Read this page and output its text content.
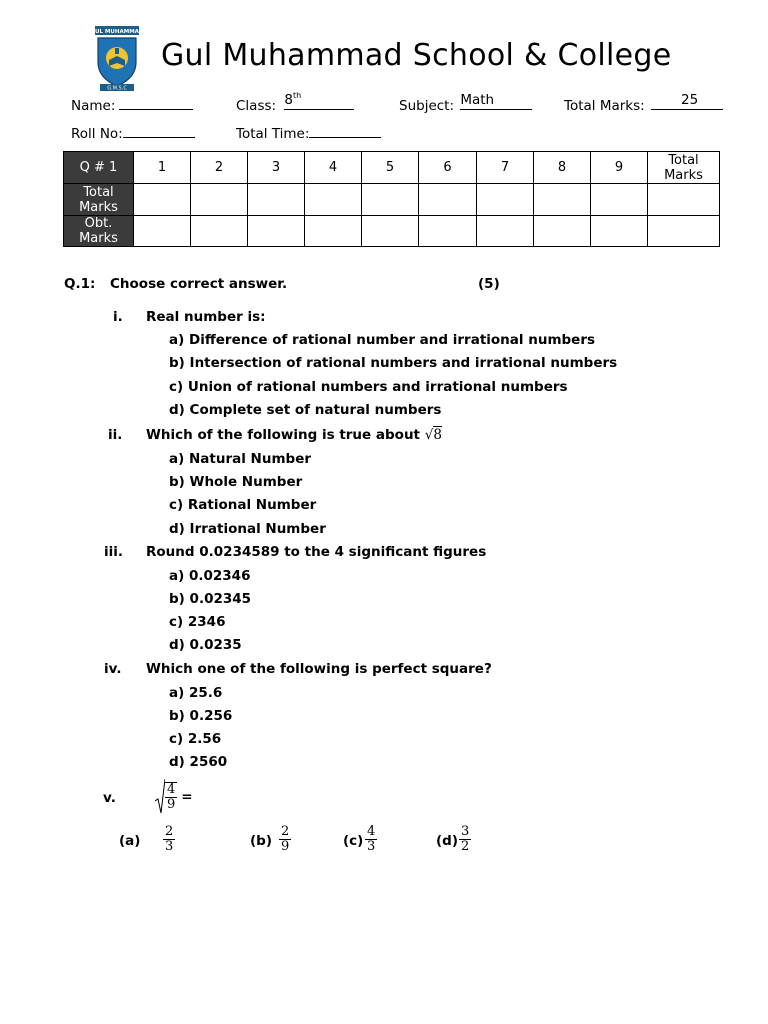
GUL MUHAMMAD
G.M.S.C
Gul Muhammad School & College
Name:	Class: 8th
Subject: Math	Total Marks:	25
Roll No:	Total Time:
Q # 1	1	2	3	4	5	6	7	8	9	Total Marks
Total Marks										
Obt. Marks										
Q.1: Choose correct answer.	(5)
i. Real number is:
a) Difference of rational number and irrational numbers
b) Intersection of rational numbers and irrational numbers
c) Union of rational numbers and irrational numbers
d) Complete set of natural numbers
ii. Which of the following is true about √8
a) Natural Number
b) Whole Number
c) Rational Number
d) Irrational Number
iii. Round 0.0234589 to the 4 significant figures
a) 0.02346
b) 0.02345
c) 2346
d) 0.0235
iv. Which one of the following is perfect square?
a) 25.6
b) 0.256
c) 2.56
d) 2560
v.	$\frac{4}{9}$ =
$(a) \frac{2}{3}$	$(b) \frac{2}{9}$	$(c) \frac{4}{3}$	$(d) \frac{3}{2}$
